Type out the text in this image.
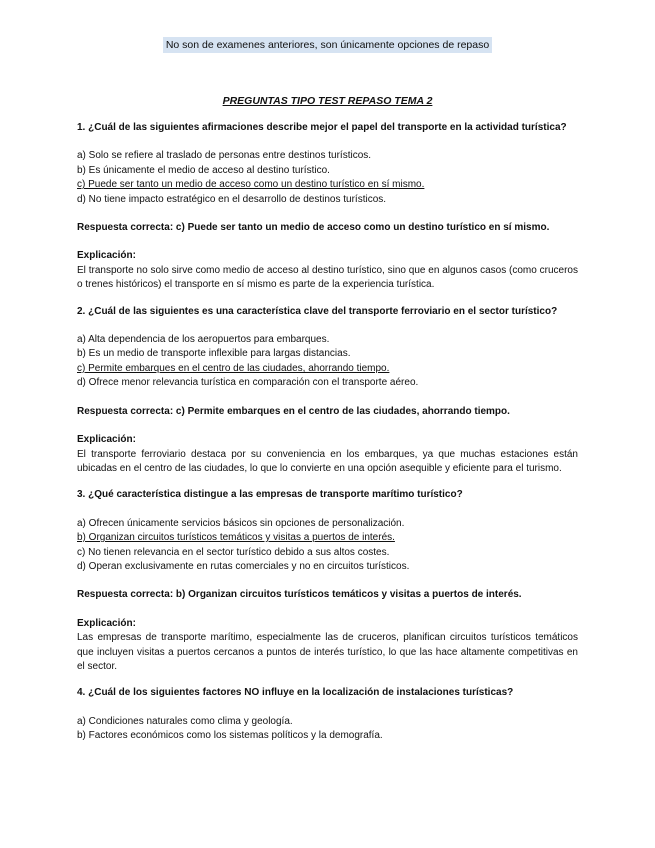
No son de examenes anteriores, son únicamente opciones de repaso
PREGUNTAS TIPO TEST REPASO TEMA 2
1. ¿Cuál de las siguientes afirmaciones describe mejor el papel del transporte en la actividad turística?
a) Solo se refiere al traslado de personas entre destinos turísticos.
b) Es únicamente el medio de acceso al destino turístico.
c) Puede ser tanto un medio de acceso como un destino turístico en sí mismo.
d) No tiene impacto estratégico en el desarrollo de destinos turísticos.
Respuesta correcta: c) Puede ser tanto un medio de acceso como un destino turístico en sí mismo.
Explicación:
El transporte no solo sirve como medio de acceso al destino turístico, sino que en algunos casos (como cruceros o trenes históricos) el transporte en sí mismo es parte de la experiencia turística.
2. ¿Cuál de las siguientes es una característica clave del transporte ferroviario en el sector turístico?
a) Alta dependencia de los aeropuertos para embarques.
b) Es un medio de transporte inflexible para largas distancias.
c) Permite embarques en el centro de las ciudades, ahorrando tiempo.
d) Ofrece menor relevancia turística en comparación con el transporte aéreo.
Respuesta correcta: c) Permite embarques en el centro de las ciudades, ahorrando tiempo.
Explicación:
El transporte ferroviario destaca por su conveniencia en los embarques, ya que muchas estaciones están ubicadas en el centro de las ciudades, lo que lo convierte en una opción asequible y eficiente para el turismo.
3. ¿Qué característica distingue a las empresas de transporte marítimo turístico?
a) Ofrecen únicamente servicios básicos sin opciones de personalización.
b) Organizan circuitos turísticos temáticos y visitas a puertos de interés.
c) No tienen relevancia en el sector turístico debido a sus altos costes.
d) Operan exclusivamente en rutas comerciales y no en circuitos turísticos.
Respuesta correcta: b) Organizan circuitos turísticos temáticos y visitas a puertos de interés.
Explicación:
Las empresas de transporte marítimo, especialmente las de cruceros, planifican circuitos turísticos temáticos que incluyen visitas a puertos cercanos a puntos de interés turístico, lo que las hace altamente competitivas en el sector.
4. ¿Cuál de los siguientes factores NO influye en la localización de instalaciones turísticas?
a) Condiciones naturales como clima y geología.
b) Factores económicos como los sistemas políticos y la demografía.
